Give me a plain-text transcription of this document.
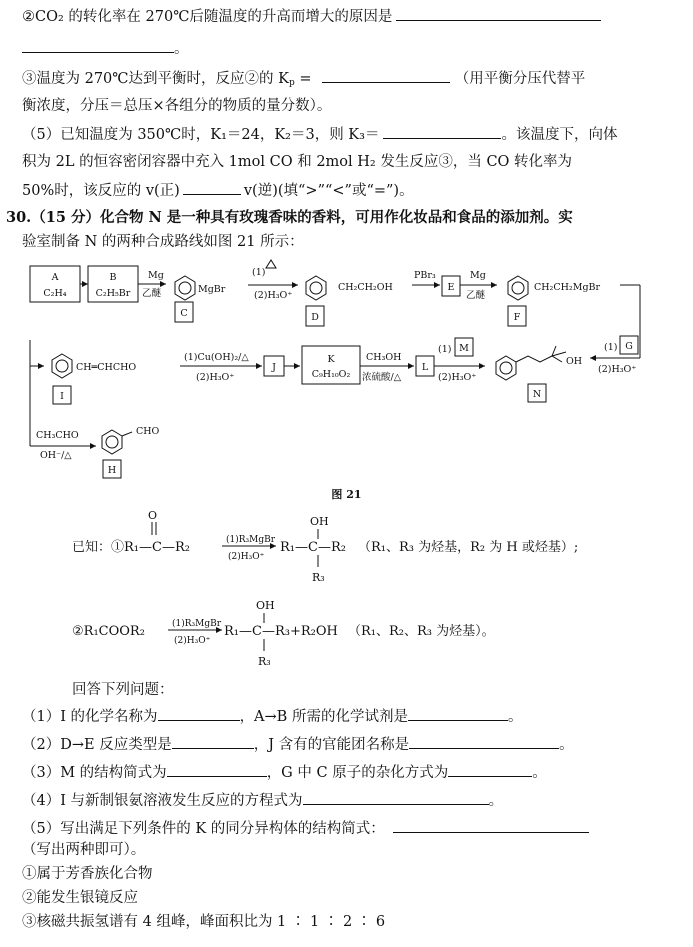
②CO₂ 的转化率在 270℃后随温度的升高而增大的原因是
。
③温度为 270℃达到平衡时，反应②的 $K_p$ =	（用平衡分压代替平
衡浓度，分压＝总压×各组分的物质的量分数）。
（5）已知温度为 350℃时，K₁＝24，K₂＝3，则 K₃＝	。该温度下，向体
积为 2L 的恒容密闭容器中充入 1mol CO 和 2mol H₂ 发生反应③，当 CO 转化率为
50%时，该反应的 v(正)	v(逆)(填“>”“<”或“=”)。
30.（15 分）化合物 N 是一种具有玫瑰香味的香料，可用作化妆品和食品的添加剂。实
验室制备 N 的两种合成路线如图 21 所示：
A
C₂H₄
B
C₂H₅Br
Mg
乙醚	MgBr
C
(1)
(2)H₃O⁺
CH₂CH₂OH
D
PBr₃
E
Mg
乙醚
CH₂CH₂MgBr
F
CH═CHCHO
I
(1)Cu(OH)₂/△
(2)H₃O⁺
J
K
C₉H₁₀O₂
CH₃OH
浓硫酸/△
L
(1) M
(2)H₃O⁺
(1) G
(2)H₃O⁺
OH
N
CH₃CHO
OH⁻/△
CHO
H
图 21
O
已知：①R₁—C—R₂	(1)R₃MgBr
(2)H₃O⁺
R₁—C—R₂
OH
R₃
（R₁、R₃ 为烃基，R₂ 为 H 或烃基）;
②R₁COOR₂	(1)R₃MgBr
(2)H₃O⁺
R₁—C—R₃+R₂OH
OH
R₃
（R₁、R₂、R₃ 为烃基）。
回答下列问题：
（1）I 的化学名称为	，A→B 所需的化学试剂是	。
（2）D→E 反应类型是	，J 含有的官能团名称是	。
（3）M 的结构简式为	，G 中 C 原子的杂化方式为	。
（4）I 与新制银氨溶液发生反应的方程式为	。
（5）写出满足下列条件的 K 的同分异构体的结构简式：
（写出两种即可）。
①属于芳香族化合物
②能发生银镜反应
③核磁共振氢谱有 4 组峰，峰面积比为 1 ∶ 1 ∶ 2 ∶ 6
